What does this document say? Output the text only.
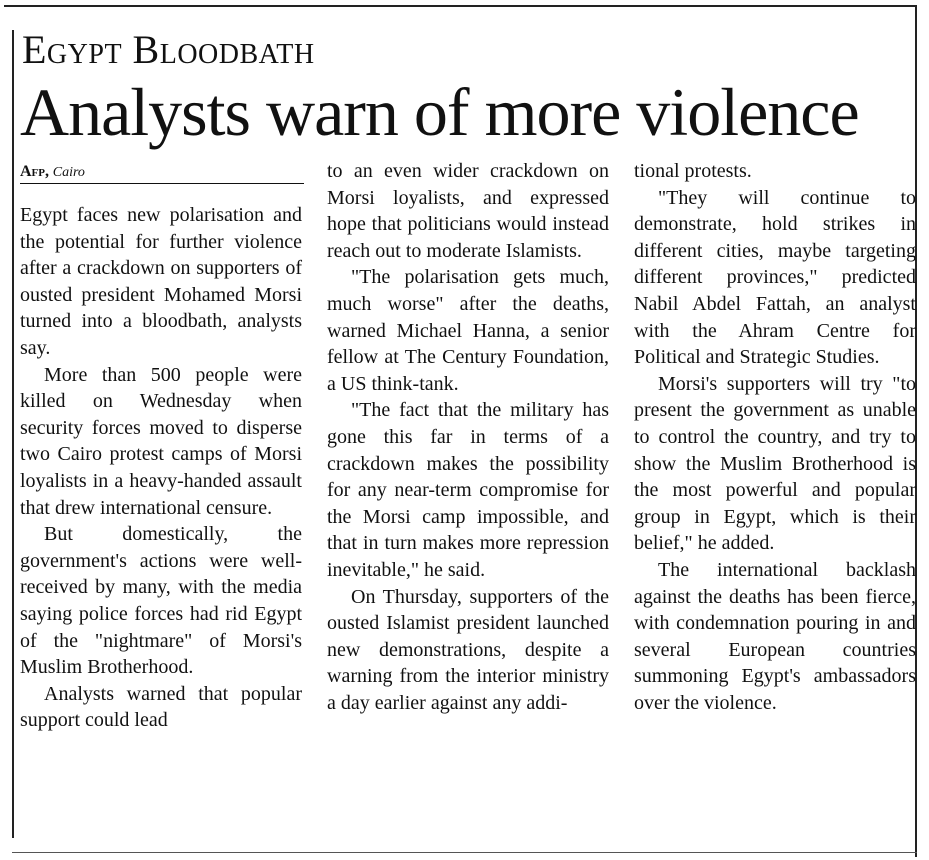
Egypt Bloodbath
Analysts warn of more violence
Afp, Cairo

Egypt faces new polarisation and the potential for further violence after a crackdown on supporters of ousted president Mohamed Morsi turned into a bloodbath, analysts say.

More than 500 people were killed on Wednesday when security forces moved to disperse two Cairo protest camps of Morsi loyalists in a heavy-handed assault that drew international censure.

But domestically, the government's actions were well-received by many, with the media saying police forces had rid Egypt of the "nightmare" of Morsi's Muslim Brotherhood.

Analysts warned that popular support could lead

to an even wider crackdown on Morsi loyalists, and expressed hope that politicians would instead reach out to moderate Islamists.

"The polarisation gets much, much worse" after the deaths, warned Michael Hanna, a senior fellow at The Century Foundation, a US think-tank.

"The fact that the military has gone this far in terms of a crackdown makes the possibility for any near-term compromise for the Morsi camp impossible, and that in turn makes more repression inevitable," he said.

On Thursday, supporters of the ousted Islamist president launched new demonstrations, despite a warning from the interior ministry a day earlier against any addi-

tional protests.

"They will continue to demonstrate, hold strikes in different cities, maybe targeting different provinces," predicted Nabil Abdel Fattah, an analyst with the Ahram Centre for Political and Strategic Studies.

Morsi's supporters will try "to present the government as unable to control the country, and try to show the Muslim Brotherhood is the most powerful and popular group in Egypt, which is their belief," he added.

The international backlash against the deaths has been fierce, with condemnation pouring in and several European countries summoning Egypt's ambassadors over the violence.
